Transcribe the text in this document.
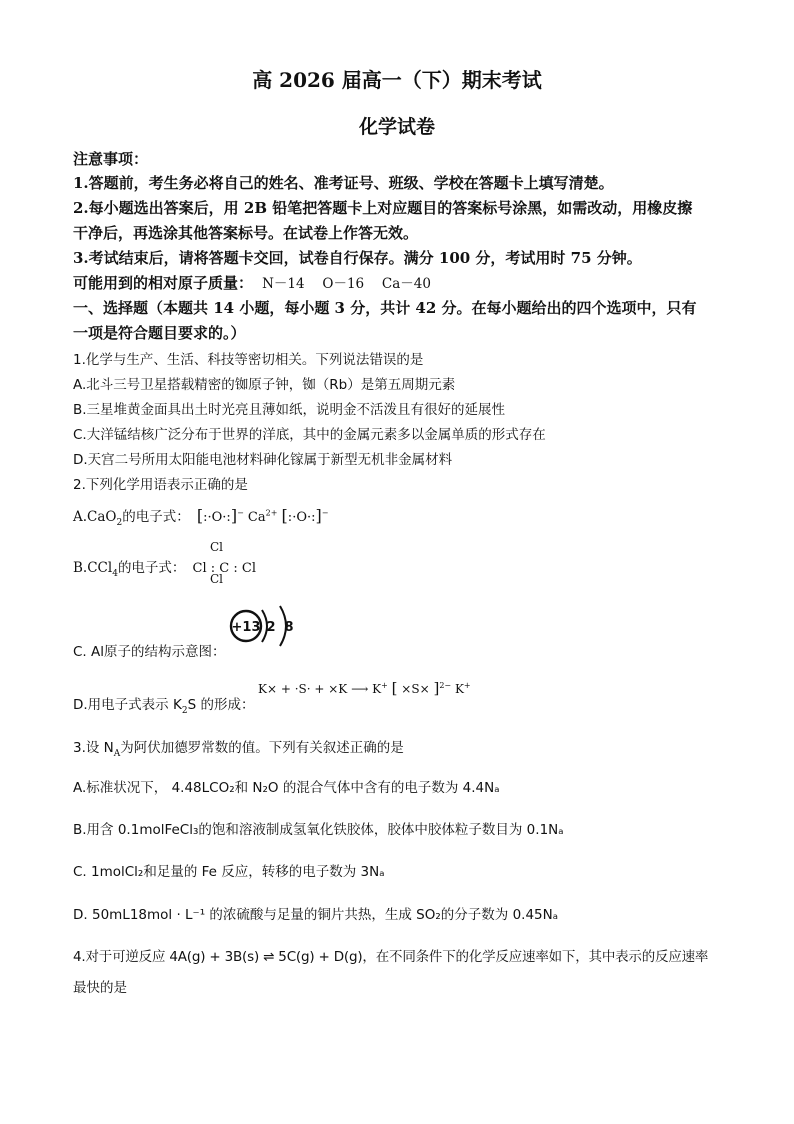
高 2026 届高一（下）期末考试
化学试卷
注意事项：
1.答题前，考生务必将自己的姓名、准考证号、班级、学校在答题卡上填写清楚。
2.每小题选出答案后，用 2B 铅笔把答题卡上对应题目的答案标号涂黑，如需改动，用橡皮擦
干净后，再选涂其他答案标号。在试卷上作答无效。
3.考试结束后，请将答题卡交回，试卷自行保存。满分 100 分，考试用时 75 分钟。
可能用到的相对原子质量： N－14　 O－16　 Ca－40
一、选择题（本题共 14 小题，每小题 3 分，共计 42 分。在每小题给出的四个选项中，只有
一项是符合题目要求的。）
1.化学与生产、生活、科技等密切相关。下列说法错误的是
A.北斗三号卫星搭载精密的铷原子钟，铷（Rb）是第五周期元素
B.三星堆黄金面具出土时光亮且薄如纸，说明金不活泼且有很好的延展性
C.大洋锰结核广泛分布于世界的洋底，其中的金属元素多以金属单质的形式存在
D.天宫二号所用太阳能电池材料砷化镓属于新型无机非金属材料
2.下列化学用语表示正确的是
A.CaO$_2$的电子式： [:·O·:]− $Ca^{2+}$ [:·O·:]−
Cl
B.CCl$_4$的电子式： Cl : C : Cl
Cl
+13 2 8
C. Al原子的结构示意图：
K× + ·S· + ×K ⟶ K+ [ ×S× ]$^{2-}$ K+
D.用电子式表示 $K_2S$ 的形成：
3.设 $N_A$为阿伏加德罗常数的值。下列有关叙述正确的是
A.标准状况下， 4.48LCO₂和 N₂O 的混合气体中含有的电子数为 4.4Nₐ
B.用含 0.1molFeCl₃的饱和溶液制成氢氧化铁胶体，胶体中胶体粒子数目为 0.1Nₐ
C. 1molCl₂和足量的 Fe 反应，转移的电子数为 3Nₐ
D. 50mL18mol · L⁻¹ 的浓硫酸与足量的铜片共热，生成 SO₂的分子数为 0.45Nₐ
4.对于可逆反应 4A(g) + 3B(s) ⇌ 5C(g) + D(g)，在不同条件下的化学反应速率如下，其中表示的反应速率
最快的是
